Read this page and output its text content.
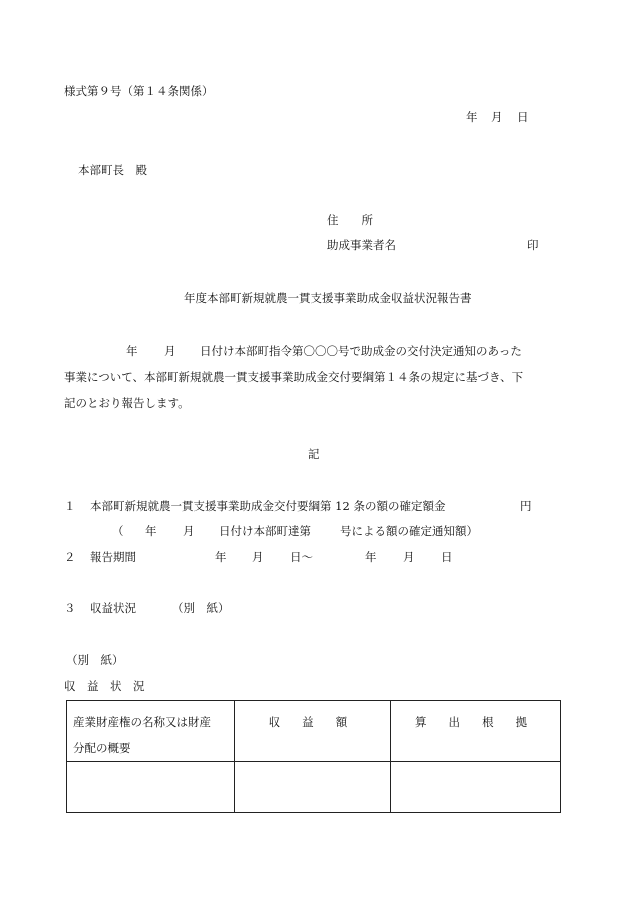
様式第９号（第１４条関係）
年 月 日
本部町長　殿
住　　所
助成事業者名	印
年度本部町新規就農一貫支援事業助成金収益状況報告書
年 月 日付け本部町指令第〇〇〇号で助成金の交付決定通知のあった
事業について、本部町新規就農一貫支援事業助成金交付要綱第１４条の規定に基づき、下
記のとおり報告します。
記
１ 本部町新規就農一貫支援事業助成金交付要綱第 12 条の額の確定額金	円
（ 年 月 日付け本部町達第	号による額の確定通知額）
２ 報告期間	年 月 日～	年 月 日
３ 収益状況	（別　紙）
（別　紙）
収　益　状　況
産業財産権の名称又は財産
分配の概要	収 益 額	算 出 根 拠
